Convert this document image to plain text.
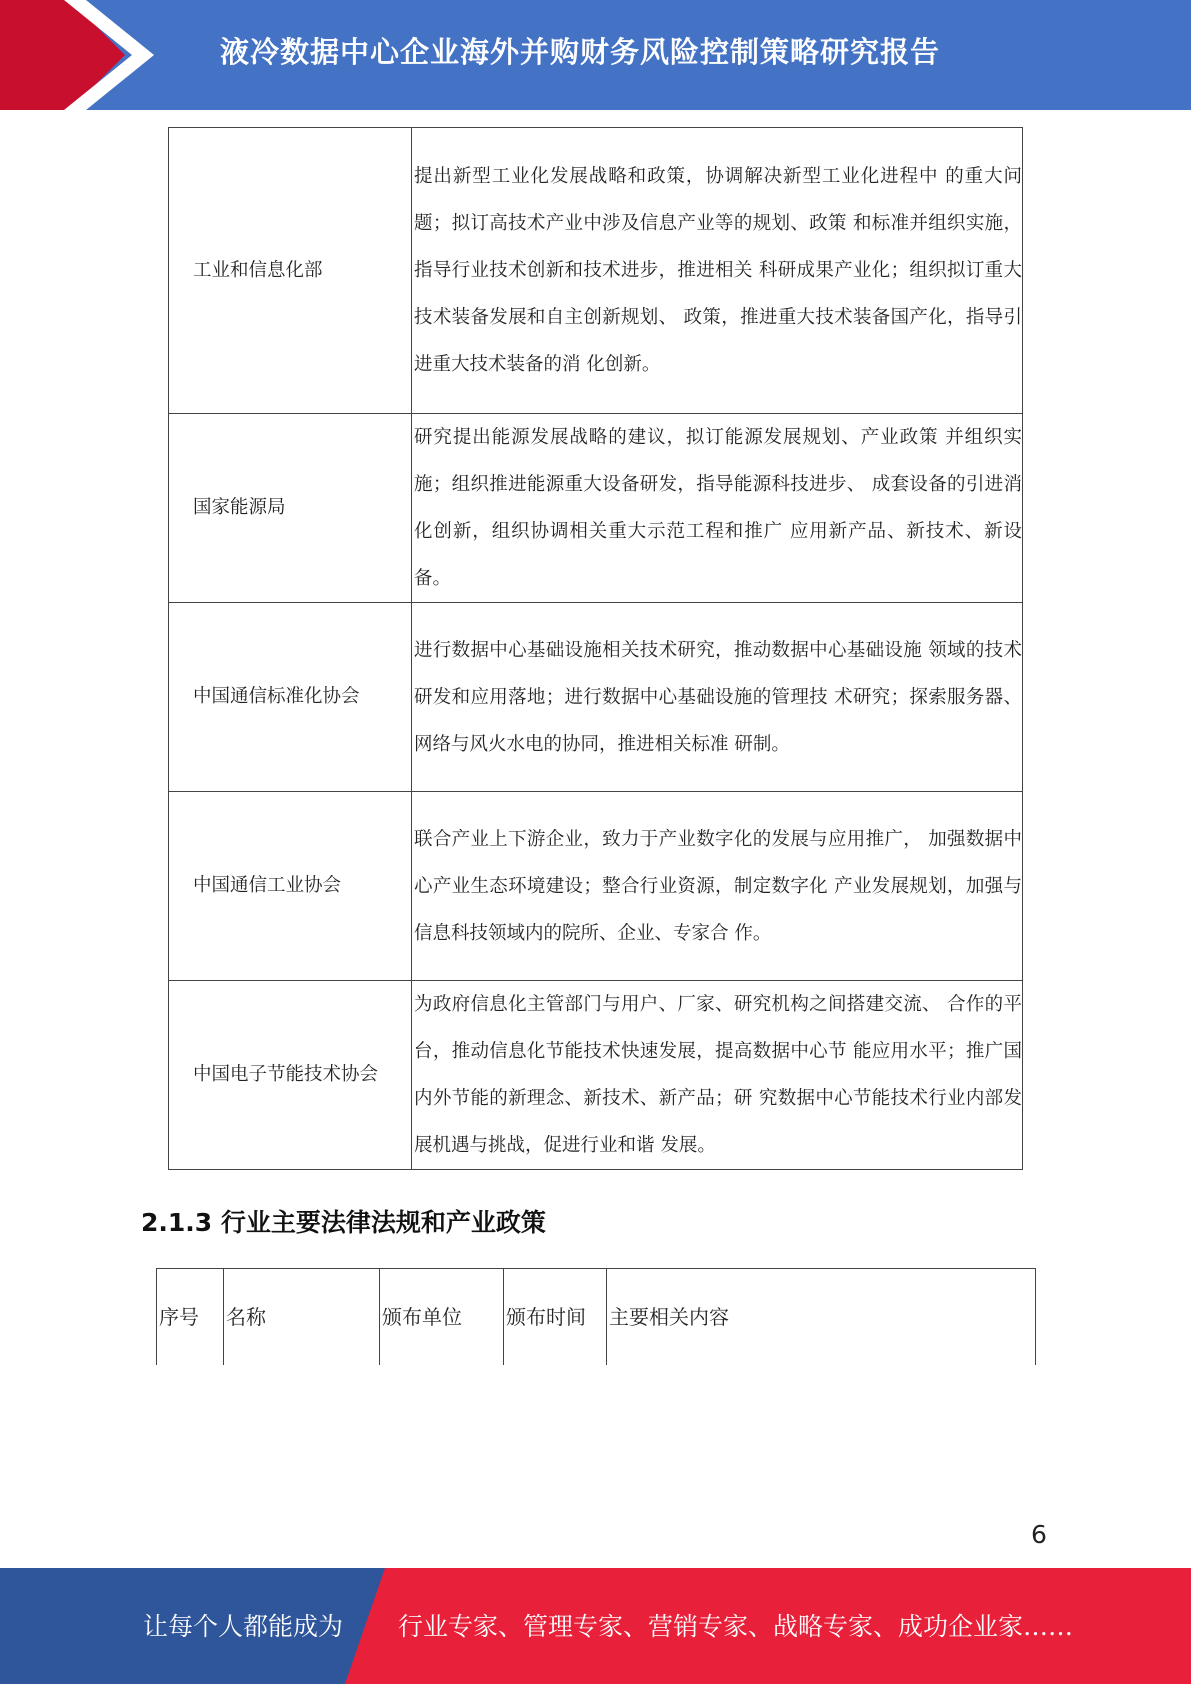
液冷数据中心企业海外并购财务风险控制策略研究报告
工业和信息化部	提出新型工业化发展战略和政策，协调解决新型工业化进程中 的重大问题；拟订高技术产业中涉及信息产业等的规划、政策 和标准并组织实施，指导行业技术创新和技术进步，推进相关 科研成果产业化；组织拟订重大技术装备发展和自主创新规划、 政策，推进重大技术装备国产化，指导引进重大技术装备的消 化创新。
国家能源局	研究提出能源发展战略的建议，拟订能源发展规划、产业政策 并组织实施；组织推进能源重大设备研发，指导能源科技进步、 成套设备的引进消化创新，组织协调相关重大示范工程和推广 应用新产品、新技术、新设备。
中国通信标准化协会	进行数据中心基础设施相关技术研究，推动数据中心基础设施 领域的技术研发和应用落地；进行数据中心基础设施的管理技 术研究；探索服务器、网络与风火水电的协同，推进相关标准 研制。
中国通信工业协会	联合产业上下游企业，致力于产业数字化的发展与应用推广， 加强数据中心产业生态环境建设；整合行业资源，制定数字化 产业发展规划，加强与信息科技领域内的院所、企业、专家合 作。
中国电子节能技术协会	为政府信息化主管部门与用户、厂家、研究机构之间搭建交流、 合作的平台，推动信息化节能技术快速发展，提高数据中心节 能应用水平；推广国内外节能的新理念、新技术、新产品；研 究数据中心节能技术行业内部发展机遇与挑战，促进行业和谐 发展。
2.1.3 行业主要法律法规和产业政策
序号	名称	颁布单位	颁布时间	主要相关内容
6
让每个人都能成为 行业专家、管理专家、营销专家、战略专家、成功企业家……
